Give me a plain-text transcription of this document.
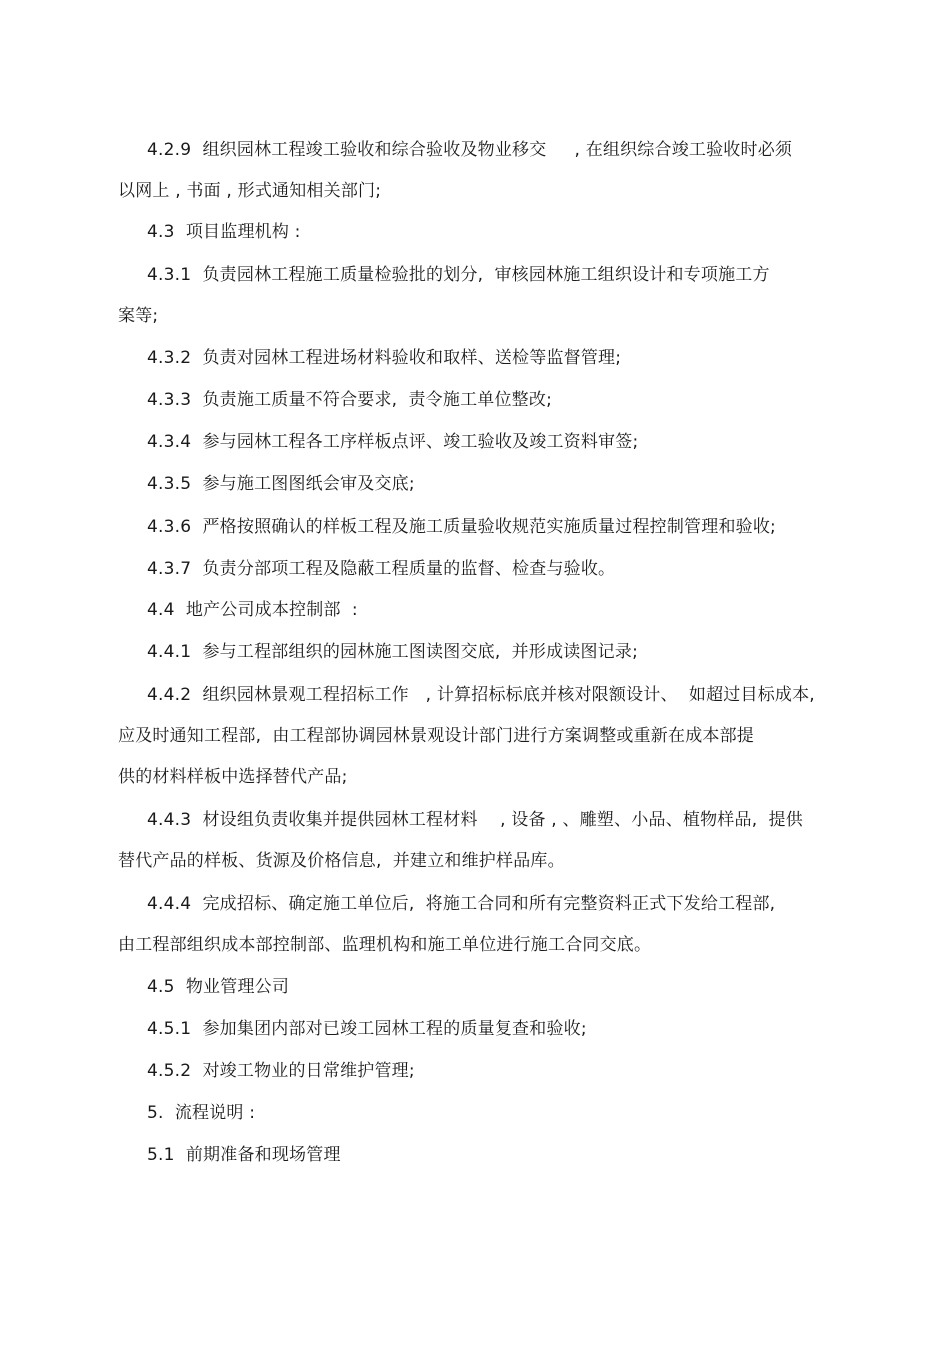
4.2.9  组织园林工程竣工验收和综合验收及物业移交     , 在组织综合竣工验收时必须
以网上 , 书面 , 形式通知相关部门;
4.3  项目监理机构 :
4.3.1  负责园林工程施工质量检验批的划分,  审核园林施工组织设计和专项施工方
案等;
4.3.2  负责对园林工程进场材料验收和取样、送检等监督管理;
4.3.3  负责施工质量不符合要求,  责令施工单位整改;
4.3.4  参与园林工程各工序样板点评、竣工验收及竣工资料审签;
4.3.5  参与施工图图纸会审及交底;
4.3.6  严格按照确认的样板工程及施工质量验收规范实施质量过程控制管理和验收;
4.3.7  负责分部项工程及隐蔽工程质量的监督、检查与验收。
4.4  地产公司成本控制部  :
4.4.1  参与工程部组织的园林施工图读图交底,  并形成读图记录;
4.4.2  组织园林景观工程招标工作   , 计算招标标底并核对限额设计、  如超过目标成本,
应及时通知工程部,  由工程部协调园林景观设计部门进行方案调整或重新在成本部提
供的材料样板中选择替代产品;
4.4.3  材设组负责收集并提供园林工程材料    , 设备 , 、雕塑、小品、植物样品,  提供
替代产品的样板、货源及价格信息,  并建立和维护样品库。
4.4.4  完成招标、确定施工单位后,  将施工合同和所有完整资料正式下发给工程部,
由工程部组织成本部控制部、监理机构和施工单位进行施工合同交底。
4.5  物业管理公司
4.5.1  参加集团内部对已竣工园林工程的质量复查和验收;
4.5.2  对竣工物业的日常维护管理;
5.  流程说明 :
5.1  前期准备和现场管理
